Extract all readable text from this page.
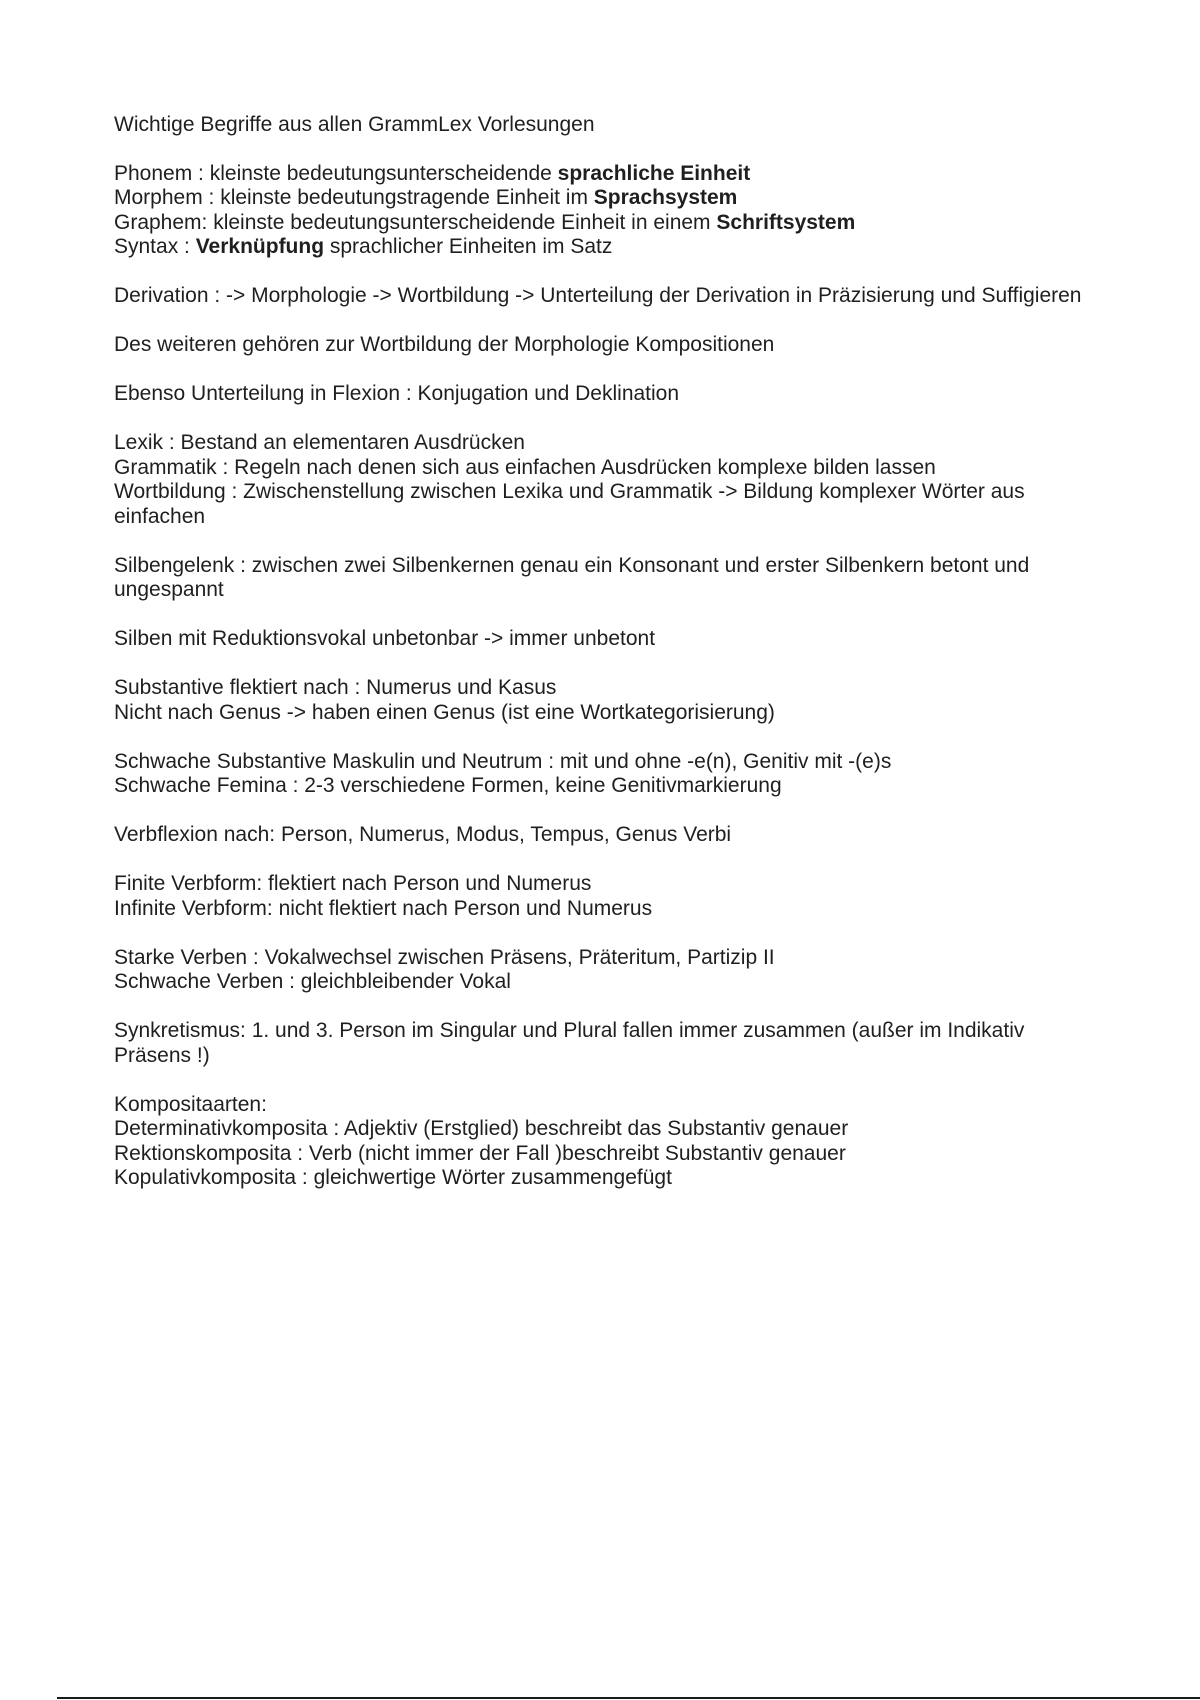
Wichtige Begriffe aus allen GrammLex Vorlesungen
Phonem : kleinste bedeutungsunterscheidende sprachliche Einheit
Morphem : kleinste bedeutungstragende Einheit im Sprachsystem
Graphem: kleinste bedeutungsunterscheidende Einheit in einem Schriftsystem
Syntax : Verknüpfung sprachlicher Einheiten im Satz
Derivation : -> Morphologie -> Wortbildung -> Unterteilung der Derivation in Präzisierung und Suffigieren
Des weiteren gehören zur Wortbildung der Morphologie Kompositionen
Ebenso Unterteilung in Flexion : Konjugation und Deklination
Lexik : Bestand an elementaren Ausdrücken
Grammatik : Regeln nach denen sich aus einfachen Ausdrücken komplexe bilden lassen
Wortbildung : Zwischenstellung zwischen Lexika und Grammatik -> Bildung komplexer Wörter aus einfachen
Silbengelenk : zwischen zwei Silbenkernen genau ein Konsonant und erster Silbenkern betont und ungespannt
Silben mit Reduktionsvokal unbetonbar -> immer unbetont
Substantive flektiert nach : Numerus und Kasus
Nicht nach Genus -> haben einen Genus (ist eine Wortkategorisierung)
Schwache Substantive Maskulin und Neutrum : mit und ohne -e(n), Genitiv mit -(e)s
Schwache Femina : 2-3 verschiedene Formen, keine Genitivmarkierung
Verbflexion nach: Person, Numerus, Modus, Tempus, Genus Verbi
Finite Verbform: flektiert nach Person und Numerus
Infinite Verbform: nicht flektiert nach Person und Numerus
Starke Verben : Vokalwechsel zwischen Präsens, Präteritum, Partizip II
Schwache Verben : gleichbleibender Vokal
Synkretismus: 1. und 3. Person im Singular und Plural fallen immer zusammen (außer im Indikativ Präsens !)
Kompositaarten:
Determinativkomposita : Adjektiv (Erstglied) beschreibt das Substantiv genauer
Rektionskomposita : Verb (nicht immer der Fall )beschreibt Substantiv genauer
Kopulativkomposita : gleichwertige Wörter zusammengefügt
